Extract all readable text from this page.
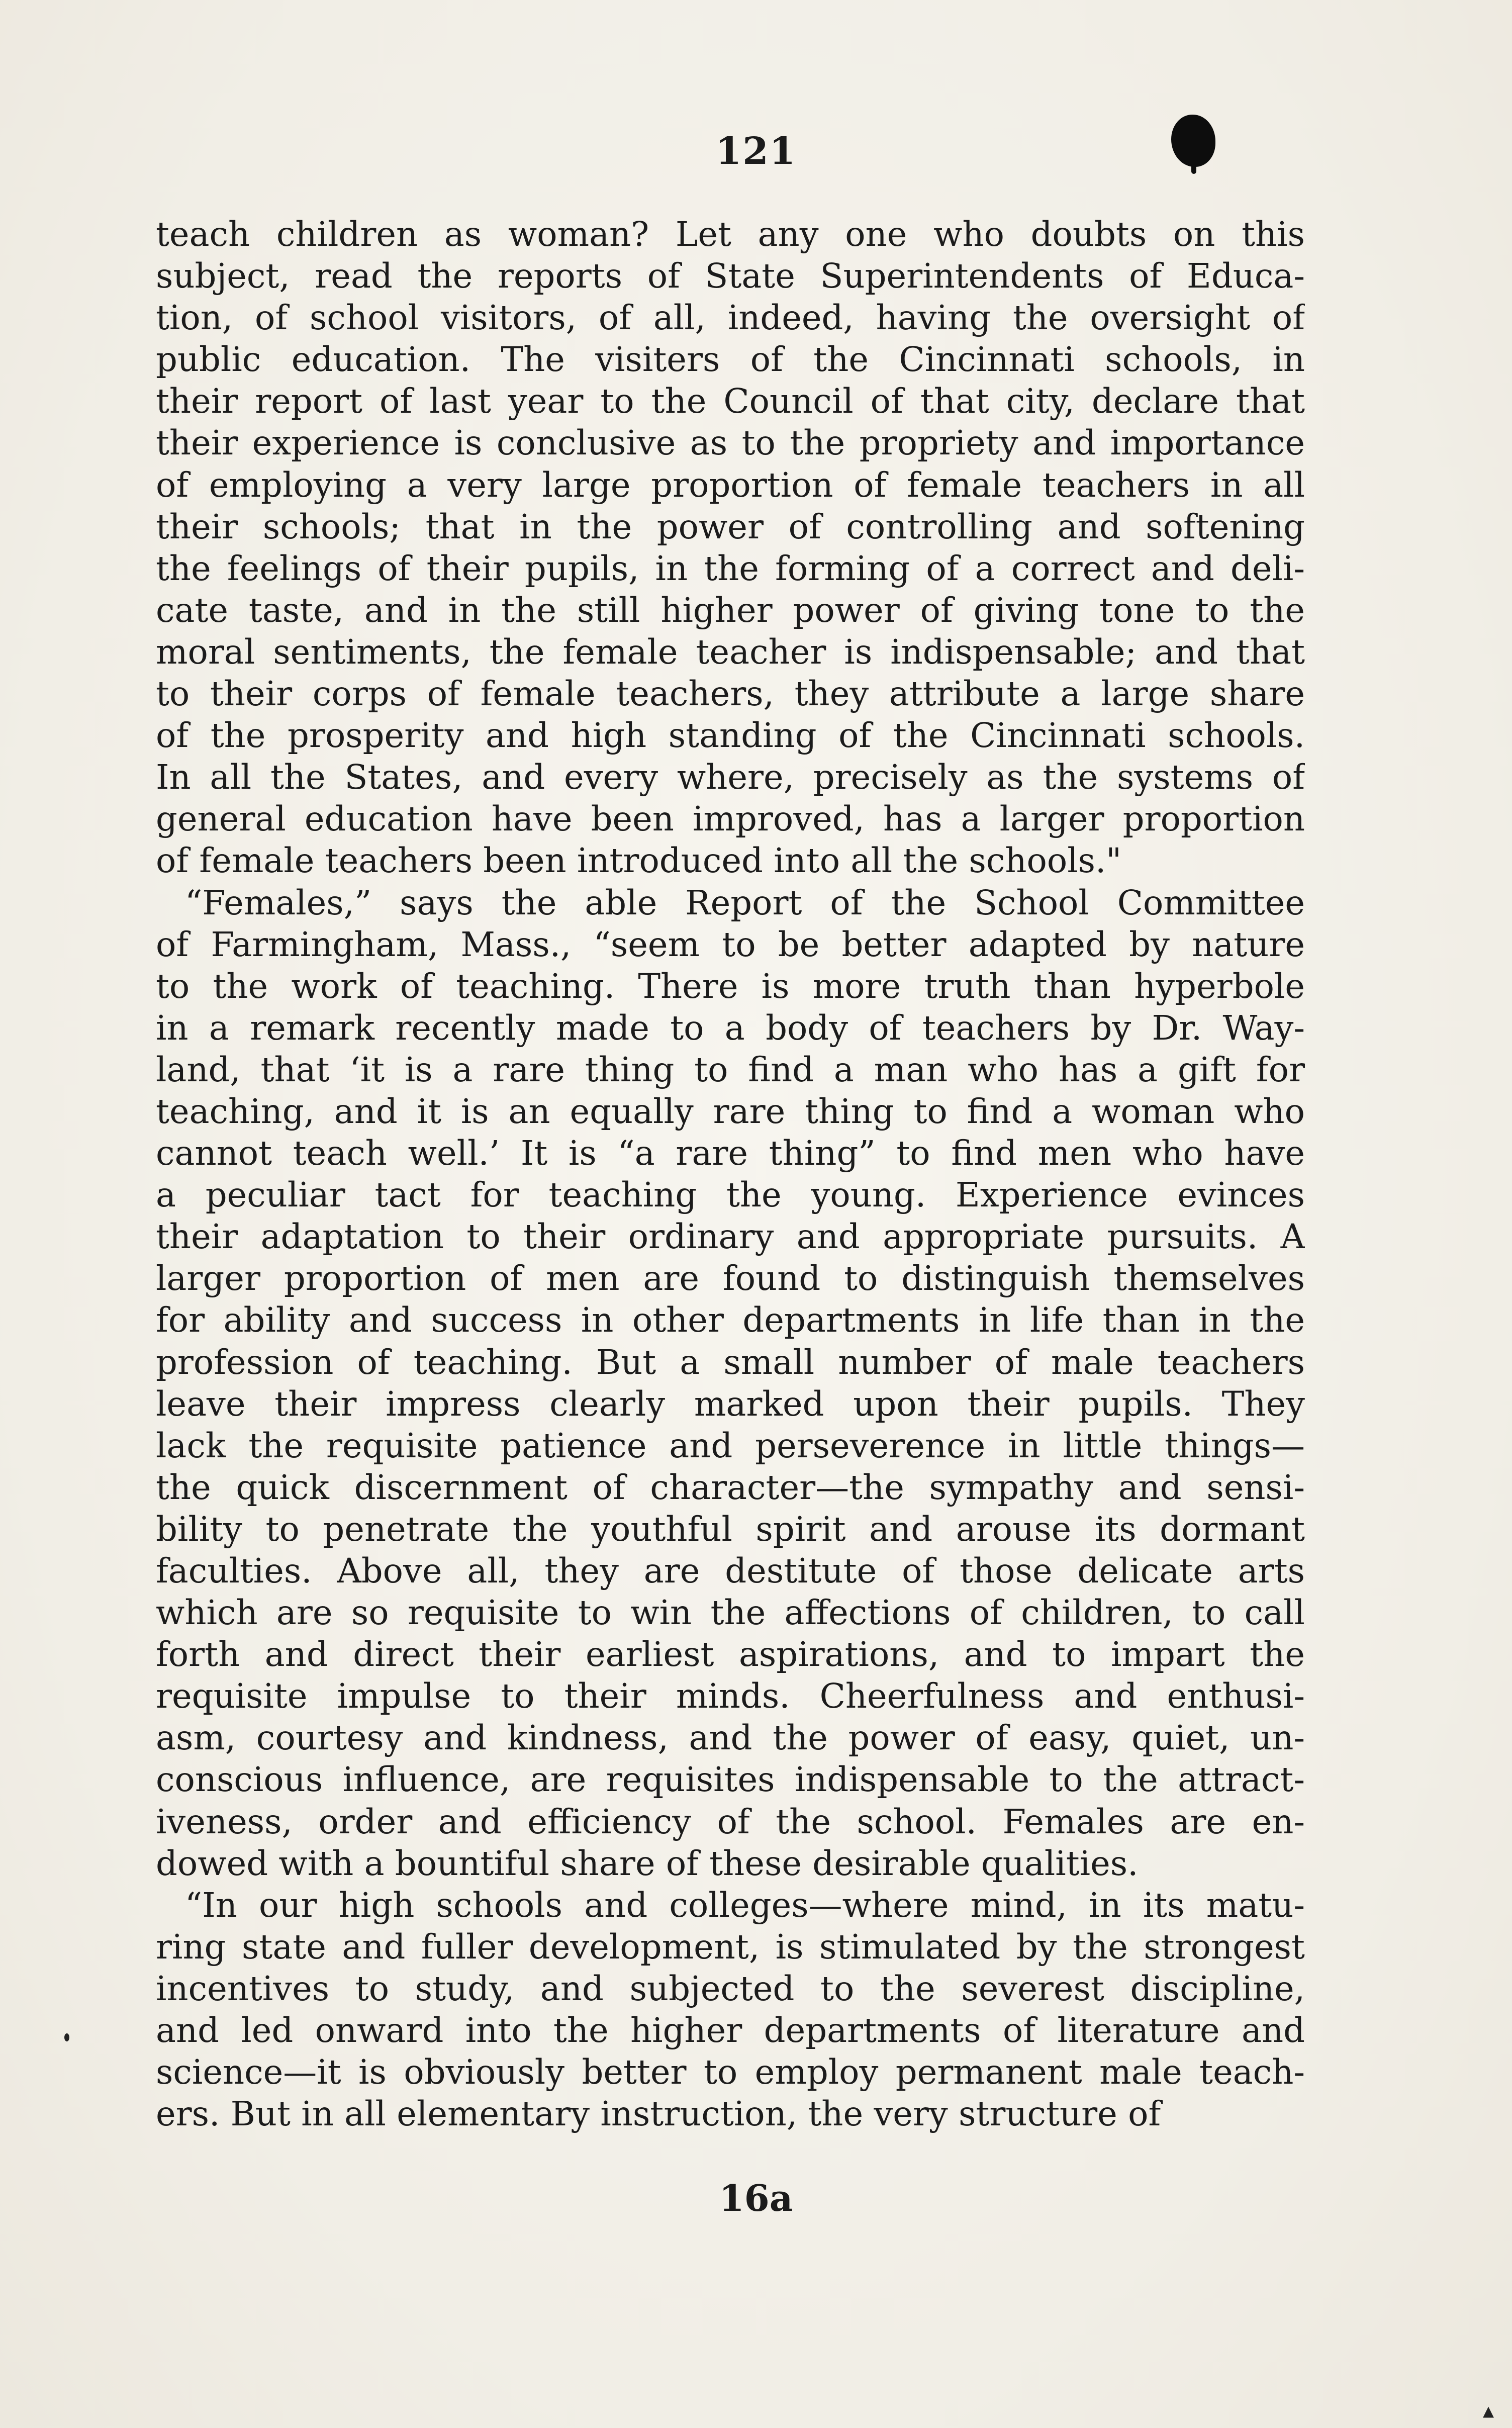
121
teach children as woman? Let any one who doubts on this
subject, read the reports of State Superintendents of Educa-
tion, of school visitors, of all, indeed, having the oversight of
public education. The visiters of the Cincinnati schools, in
their report of last year to the Council of that city, declare that
their experience is conclusive as to the propriety and importance
of employing a very large proportion of female teachers in all
their schools; that in the power of controlling and softening
the feelings of their pupils, in the forming of a correct and deli-
cate taste, and in the still higher power of giving tone to the
moral sentiments, the female teacher is indispensable; and that
to their corps of female teachers, they attribute a large share
of the prosperity and high standing of the Cincinnati schools.
In all the States, and every where, precisely as the systems of
general education have been improved, has a larger proportion
of female teachers been introduced into all the schools."
“Females,” says the able Report of the School Committee
of Farmingham, Mass., “seem to be better adapted by nature
to the work of teaching. There is more truth than hyperbole
in a remark recently made to a body of teachers by Dr. Way-
land, that ‘it is a rare thing to find a man who has a gift for
teaching, and it is an equally rare thing to find a woman who
cannot teach well.’ It is “a rare thing” to find men who have
a peculiar tact for teaching the young. Experience evinces
their adaptation to their ordinary and appropriate pursuits. A
larger proportion of men are found to distinguish themselves
for ability and success in other departments in life than in the
profession of teaching. But a small number of male teachers
leave their impress clearly marked upon their pupils. They
lack the requisite patience and perseverence in little things—
the quick discernment of character—the sympathy and sensi-
bility to penetrate the youthful spirit and arouse its dormant
faculties. Above all, they are destitute of those delicate arts
which are so requisite to win the affections of children, to call
forth and direct their earliest aspirations, and to impart the
requisite impulse to their minds. Cheerfulness and enthusi-
asm, courtesy and kindness, and the power of easy, quiet, un-
conscious influence, are requisites indispensable to the attract-
iveness, order and efficiency of the school. Females are en-
dowed with a bountiful share of these desirable qualities.
“In our high schools and colleges—where mind, in its matu-
ring state and fuller development, is stimulated by the strongest
incentives to study, and subjected to the severest discipline,
and led onward into the higher departments of literature and
science—it is obviously better to employ permanent male teach-
ers. But in all elementary instruction, the very structure of
16a
▴
